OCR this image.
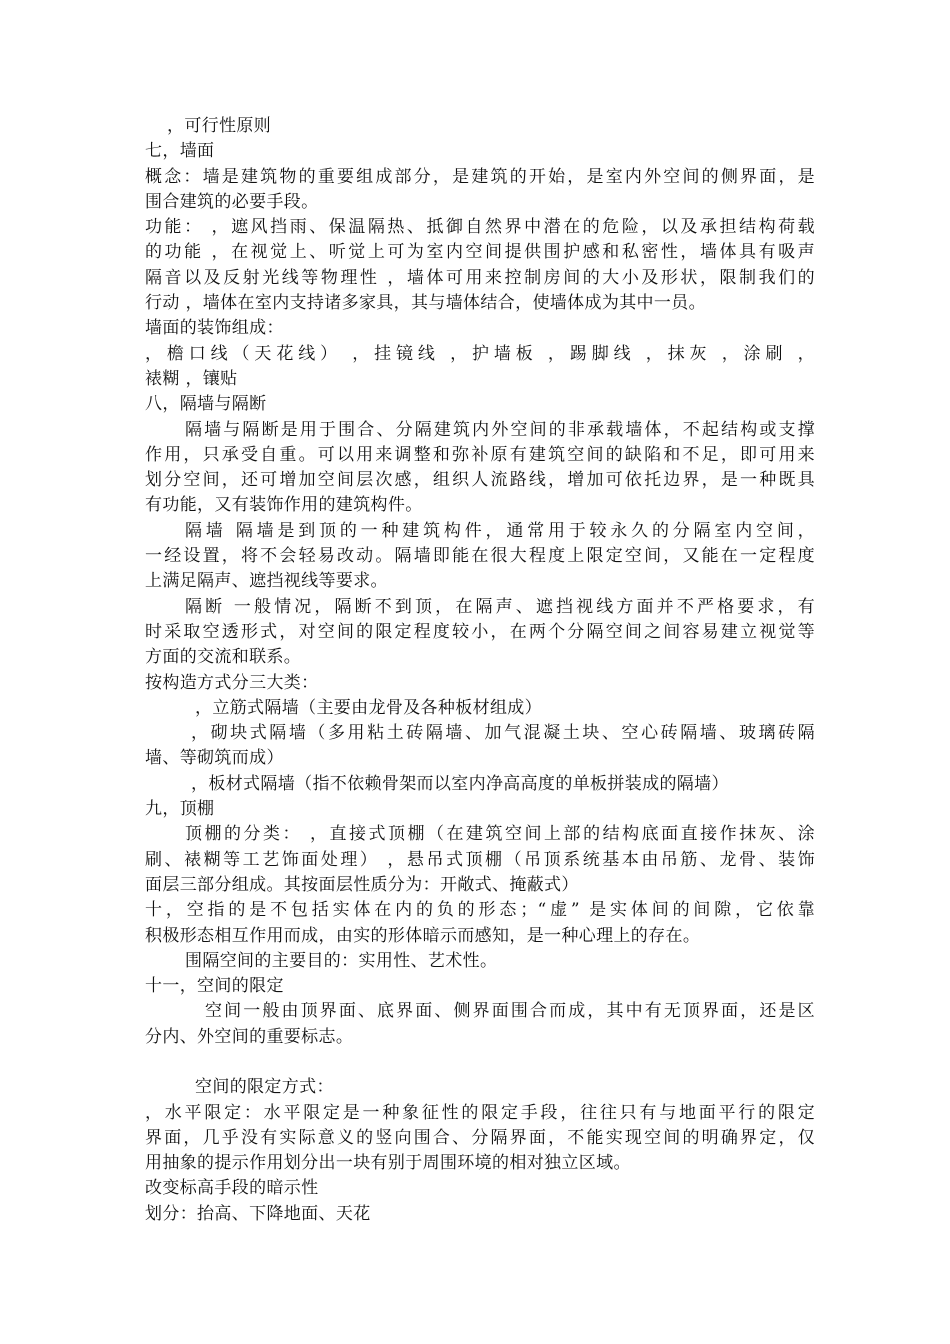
，可行性原则
七，墙面
概念：墙是建筑物的重要组成部分，是建筑的开始，是室内外空间的侧界面，是
围合建筑的必要手段。
功能： ，遮风挡雨、保温隔热、抵御自然界中潜在的危险，以及承担结构荷载
的功能 ，在视觉上、听觉上可为室内空间提供围护感和私密性，墙体具有吸声
隔音以及反射光线等物理性 ，墙体可用来控制房间的大小及形状，限制我们的
行动 ，墙体在室内支持诸多家具，其与墙体结合，使墙体成为其中一员。
墙面的装饰组成：
，檐口线（天花线） ，挂镜线 ，护墙板 ，踢脚线 ，抹灰 ，涂刷 ，
裱糊 ，镶贴
八，隔墙与隔断
隔墙与隔断是用于围合、分隔建筑内外空间的非承载墙体，不起结构或支撑
作用，只承受自重。可以用来调整和弥补原有建筑空间的缺陷和不足，即可用来
划分空间，还可增加空间层次感，组织人流路线，增加可依托边界，是一种既具
有功能，又有装饰作用的建筑构件。
隔墙 隔墙是到顶的一种建筑构件，通常用于较永久的分隔室内空间，
一经设置，将不会轻易改动。隔墙即能在很大程度上限定空间，又能在一定程度
上满足隔声、遮挡视线等要求。
隔断 一般情况，隔断不到顶，在隔声、遮挡视线方面并不严格要求，有
时采取空透形式，对空间的限定程度较小，在两个分隔空间之间容易建立视觉等
方面的交流和联系。
按构造方式分三大类：
，立筋式隔墙（主要由龙骨及各种板材组成）
，砌块式隔墙（多用粘土砖隔墙、加气混凝土块、空心砖隔墙、玻璃砖隔
墙、等砌筑而成）
，板材式隔墙（指不依赖骨架而以室内净高高度的单板拼装成的隔墙）
九，顶棚
顶棚的分类： ，直接式顶棚（在建筑空间上部的结构底面直接作抹灰、涂
刷、裱糊等工艺饰面处理） ，悬吊式顶棚（吊顶系统基本由吊筋、龙骨、装饰
面层三部分组成。其按面层性质分为：开敞式、掩蔽式）
十，空指的是不包括实体在内的负的形态；“虚” 是实体间的间隙，它依靠
积极形态相互作用而成，由实的形体暗示而感知，是一种心理上的存在。
围隔空间的主要目的：实用性、艺术性。
十一，空间的限定
空间一般由顶界面、底界面、侧界面围合而成，其中有无顶界面，还是区
分内、外空间的重要标志。
空间的限定方式：
，水平限定：水平限定是一种象征性的限定手段，往往只有与地面平行的限定
界面，几乎没有实际意义的竖向围合、分隔界面，不能实现空间的明确界定，仅
用抽象的提示作用划分出一块有别于周围环境的相对独立区域。
改变标高手段的暗示性
划分：抬高、下降地面、天花
